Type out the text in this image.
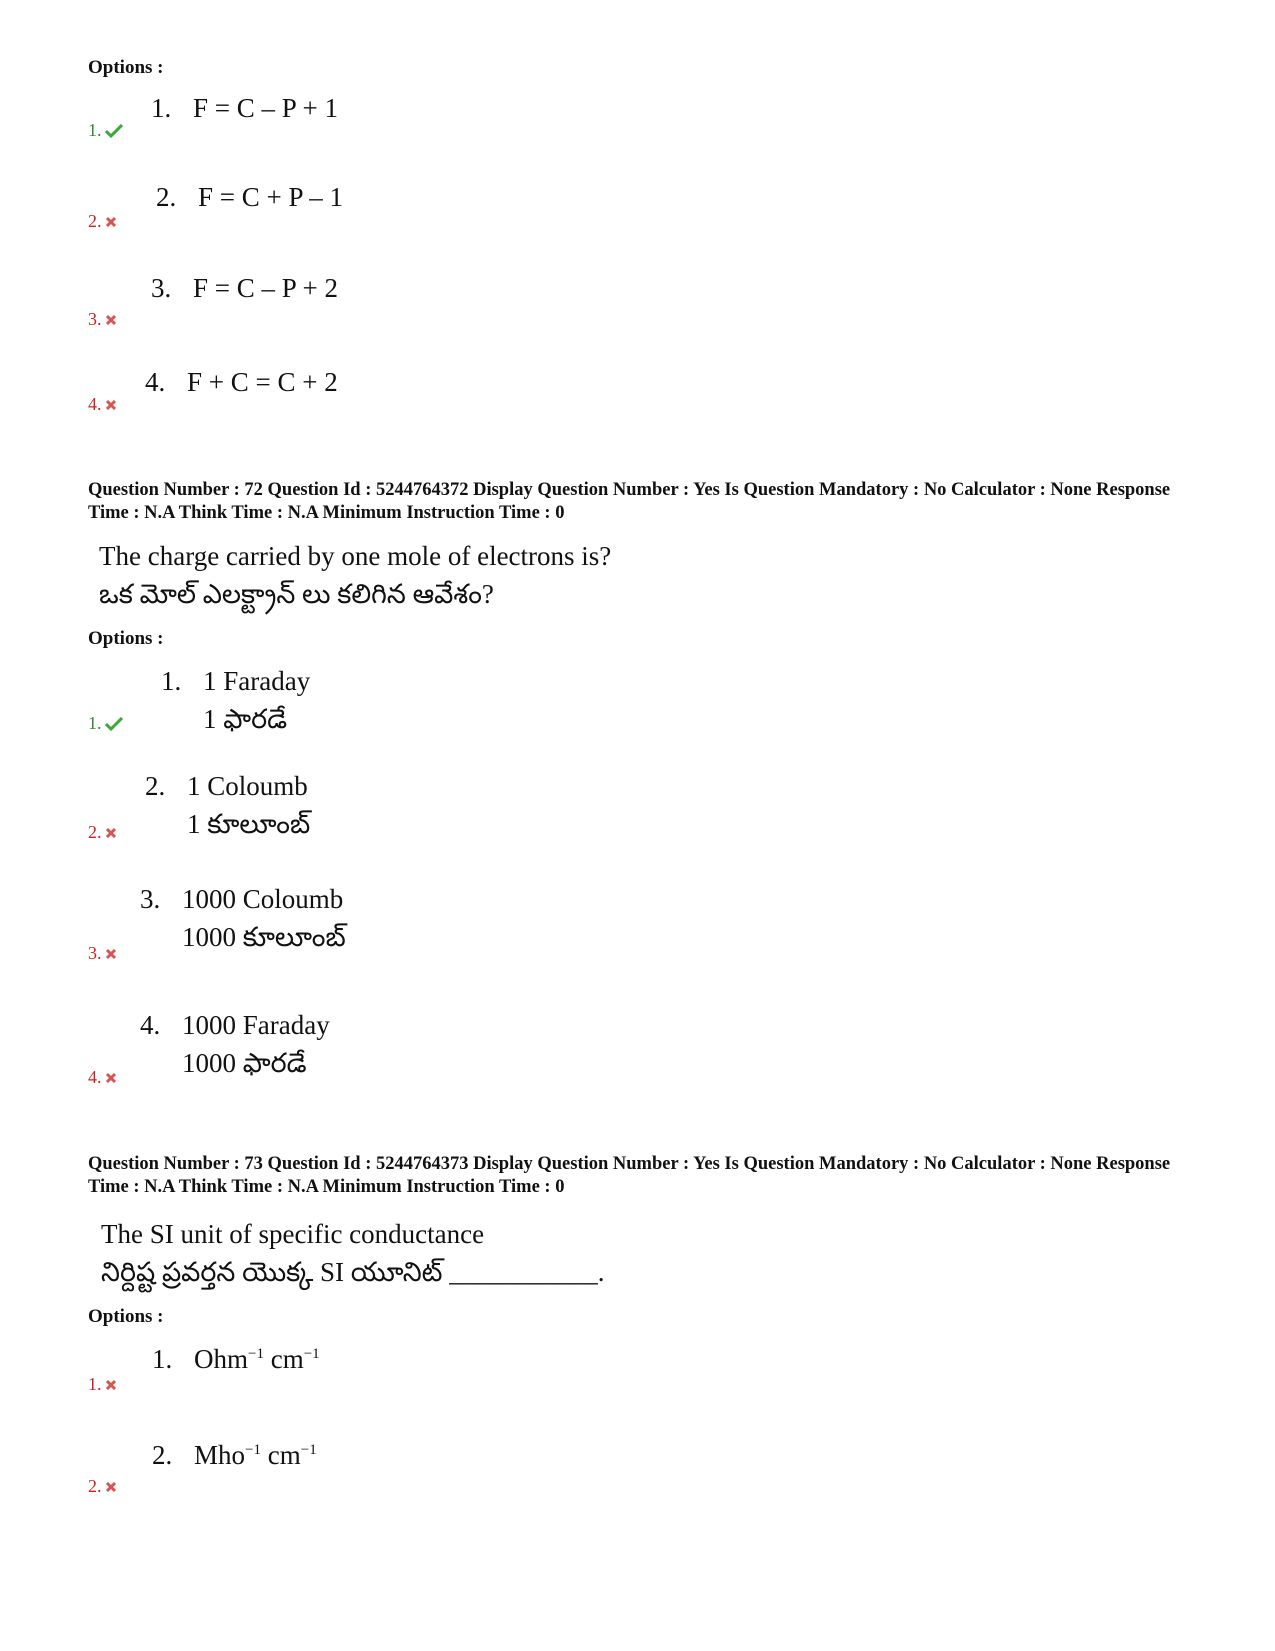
Options :
1. F = C – P + 1
1.
2. F = C + P – 1
2.
3. F = C – P + 2
3.
4. F + C = C + 2
4.
Question Number : 72 Question Id : 5244764372 Display Question Number : Yes Is Question Mandatory : No Calculator : None Response Time : N.A Think Time : N.A Minimum Instruction Time : 0
The charge carried by one mole of electrons is?
ఒక మోల్ ఎలక్ట్రాన్ లు కలిగిన ఆవేశం?
Options :
1. 1 Faraday
1 ఫారడే
1.
2. 1 Coloumb
1 కూలూంబ్
2.
3. 1000 Coloumb
1000 కూలూంబ్
3.
4. 1000 Faraday
1000 ఫారడే
4.
Question Number : 73 Question Id : 5244764373 Display Question Number : Yes Is Question Mandatory : No Calculator : None Response Time : N.A Think Time : N.A Minimum Instruction Time : 0
The SI unit of specific conductance
నిర్దిష్ట ప్రవర్తన యొక్క SI యూనిట్ ___________.
Options :
1. Ohm$^{-1}$ $cm^{-1}$
1.
2. Mho$^{-1}$ $cm^{-1}$
2.
